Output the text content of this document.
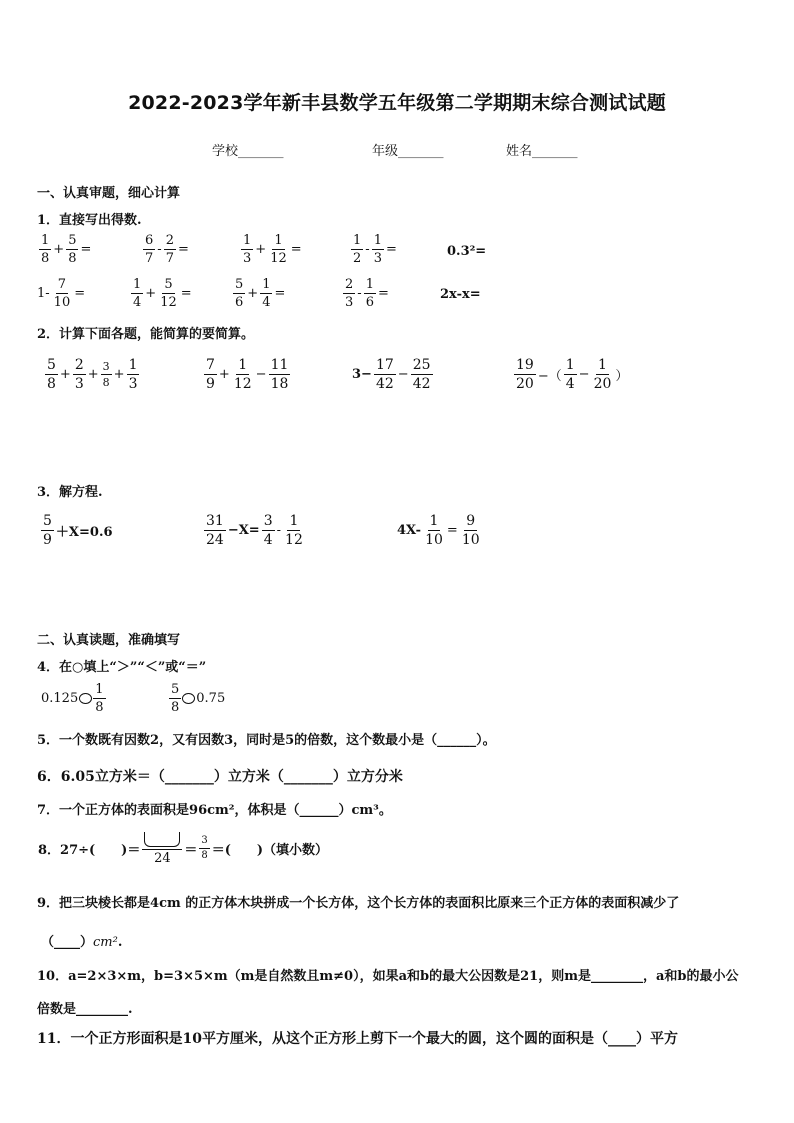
2022-2023学年新丰县数学五年级第二学期期末综合测试试题
学校_______	年级_______	姓名_______
一、认真审题，细心计算
1．直接写出得数.
$\frac{1}{8} + \frac{5}{8}$ =	$\frac{6}{7} - \frac{2}{7}$ =	$\frac{1}{3} + \frac{1}{12}$ =	$\frac{1}{2} - \frac{1}{3}$ =	0.3²=
$1- \frac{7}{10}$ =	$\frac{1}{4} + \frac{5}{12}$ =	$\frac{5}{6} + \frac{1}{4}$ =	$\frac{2}{3} - \frac{1}{6}$ =	2x-x=
2．计算下面各题，能简算的要简算。
$\frac{5}{8} + \frac{2}{3} + \frac{3}{8} + \frac{1}{3}$	$\frac{7}{9} + \frac{1}{12} - \frac{11}{18}$	$3- \frac{17}{42} - \frac{25}{42}$	$\frac{19}{20}$ −（ $\frac{1}{4} - \frac{1}{20}$ ）
3．解方程.
$\frac{5}{9} +X=0.6$	$\frac{31}{24} -X= \frac{3}{4} - \frac{1}{12}$	$4X- \frac{1}{10} = \frac{9}{10}$
二、认真读题，准确填写
4．在○填上“＞”“＜”或“＝”
$0.125 \frac{1}{8}$	$\frac{5}{8} 0.75$
5．一个数既有因数2，又有因数3，同时是5的倍数，这个数最小是（______）。
6．6.05立方米＝（_______）立方米（_______）立方分米
7．一个正方体的表面积是96cm²，体积是（______）cm³。
8．27÷(　　)＝
24
＝ $\frac{3}{8}$ ＝(　　)（填小数）
9．把三块棱长都是4cm 的正方体木块拼成一个长方体，这个长方体的表面积比原来三个正方体的表面积减少了
（____）cm².
10．a=2×3×m，b=3×5×m（m是自然数且m≠0），如果a和b的最大公因数是21，则m是________，a和b的最小公
倍数是________.
11．一个正方形面积是10平方厘米，从这个正方形上剪下一个最大的圆，这个圆的面积是（____）平方
